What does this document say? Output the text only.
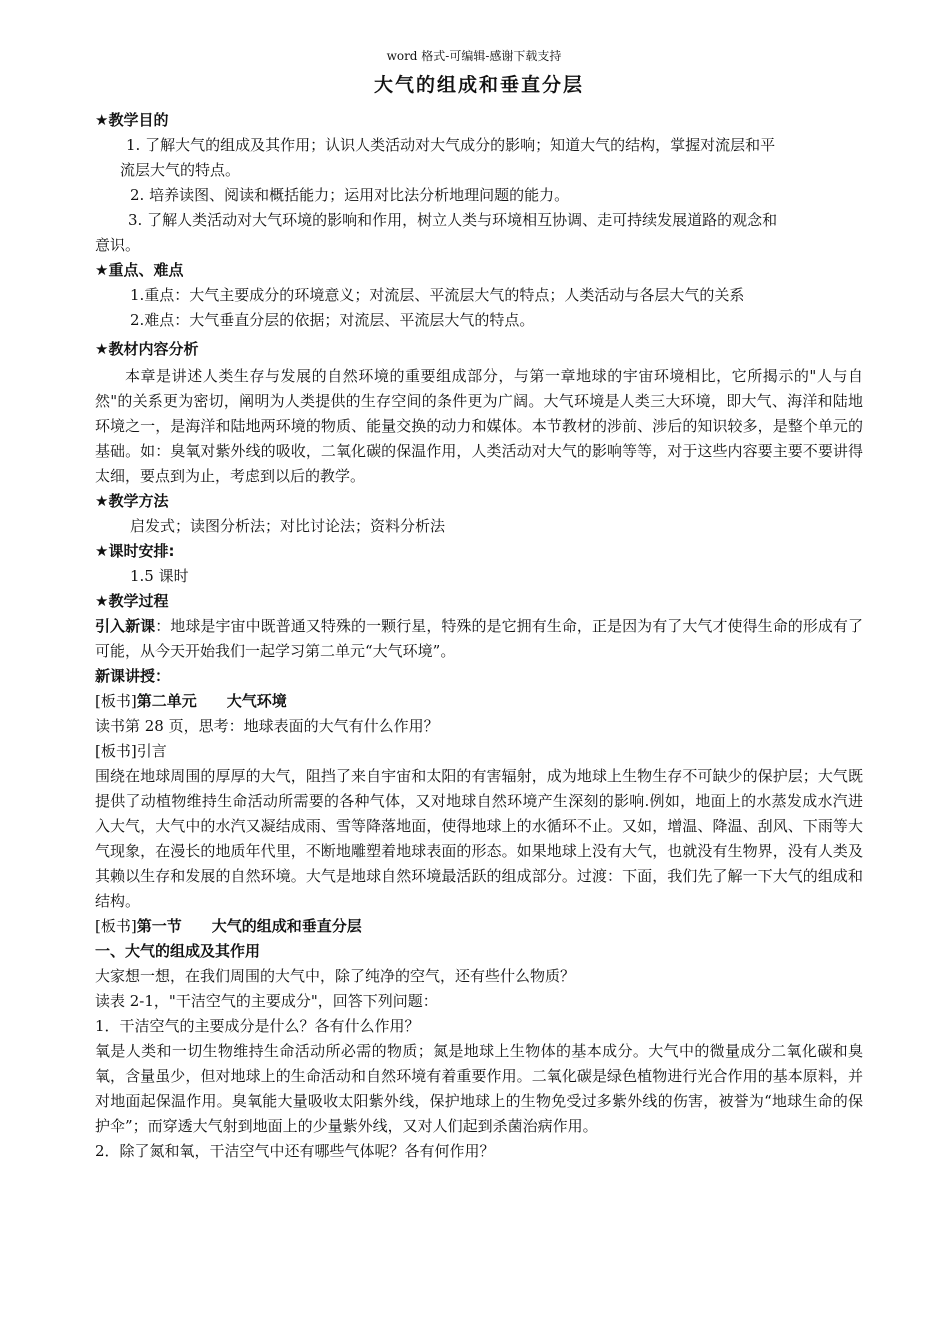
word 格式-可编辑-感谢下载支持
大气的组成和垂直分层
★教学目的

1. 了解大气的组成及其作用；认识人类活动对大气成分的影响；知道大气的结构，掌握对流层和平

流层大气的特点。

2. 培养读图、阅读和概括能力；运用对比法分析地理问题的能力。

3. 了解人类活动对大气环境的影响和作用，树立人类与环境相互协调、走可持续发展道路的观念和

意识。

★重点、难点

1.重点：大气主要成分的环境意义；对流层、平流层大气的特点；人类活动与各层大气的关系

2.难点：大气垂直分层的依据；对流层、平流层大气的特点。

★教材内容分析

本章是讲述人类生存与发展的自然环境的重要组成部分，与第一章地球的宇宙环境相比，它所揭示的"人与自然"的关系更为密切，阐明为人类提供的生存空间的条件更为广阔。大气环境是人类三大环境，即大气、海洋和陆地环境之一，是海洋和陆地两环境的物质、能量交换的动力和媒体。本节教材的涉前、涉后的知识较多，是整个单元的基础。如：臭氧对紫外线的吸收，二氧化碳的保温作用，人类活动对大气的影响等等，对于这些内容要主要不要讲得太细，要点到为止，考虑到以后的教学。

★教学方法

启发式；读图分析法；对比讨论法；资料分析法

★课时安排:

1.5 课时

★教学过程

引入新课：地球是宇宙中既普通又特殊的一颗行星，特殊的是它拥有生命，正是因为有了大气才使得生命的形成有了可能，从今天开始我们一起学习第二单元“大气环境”。

新课讲授：

[板书]第二单元　　大气环境

读书第 28 页，思考：地球表面的大气有什么作用？

[板书]引言

围绕在地球周围的厚厚的大气，阻挡了来自宇宙和太阳的有害辐射，成为地球上生物生存不可缺少的保护层；大气既提供了动植物维持生命活动所需要的各种气体，又对地球自然环境产生深刻的影响.例如，地面上的水蒸发成水汽进入大气，大气中的水汽又凝结成雨、雪等降落地面，使得地球上的水循环不止。又如，增温、降温、刮风、下雨等大气现象，在漫长的地质年代里，不断地雕塑着地球表面的形态。如果地球上没有大气，也就没有生物界，没有人类及其赖以生存和发展的自然环境。大气是地球自然环境最活跃的组成部分。过渡：下面，我们先了解一下大气的组成和结构。

[板书]第一节　　大气的组成和垂直分层

一、大气的组成及其作用

大家想一想，在我们周围的大气中，除了纯净的空气，还有些什么物质？

读表 2-1，"干洁空气的主要成分"，回答下列问题：

1．干洁空气的主要成分是什么？各有什么作用？

氧是人类和一切生物维持生命活动所必需的物质；氮是地球上生物体的基本成分。大气中的微量成分二氧化碳和臭氧，含量虽少，但对地球上的生命活动和自然环境有着重要作用。二氧化碳是绿色植物进行光合作用的基本原料，并对地面起保温作用。臭氧能大量吸收太阳紫外线，保护地球上的生物免受过多紫外线的伤害，被誉为“地球生命的保护伞”；而穿透大气射到地面上的少量紫外线，又对人们起到杀菌治病作用。

2．除了氮和氧，干洁空气中还有哪些气体呢？各有何作用？
